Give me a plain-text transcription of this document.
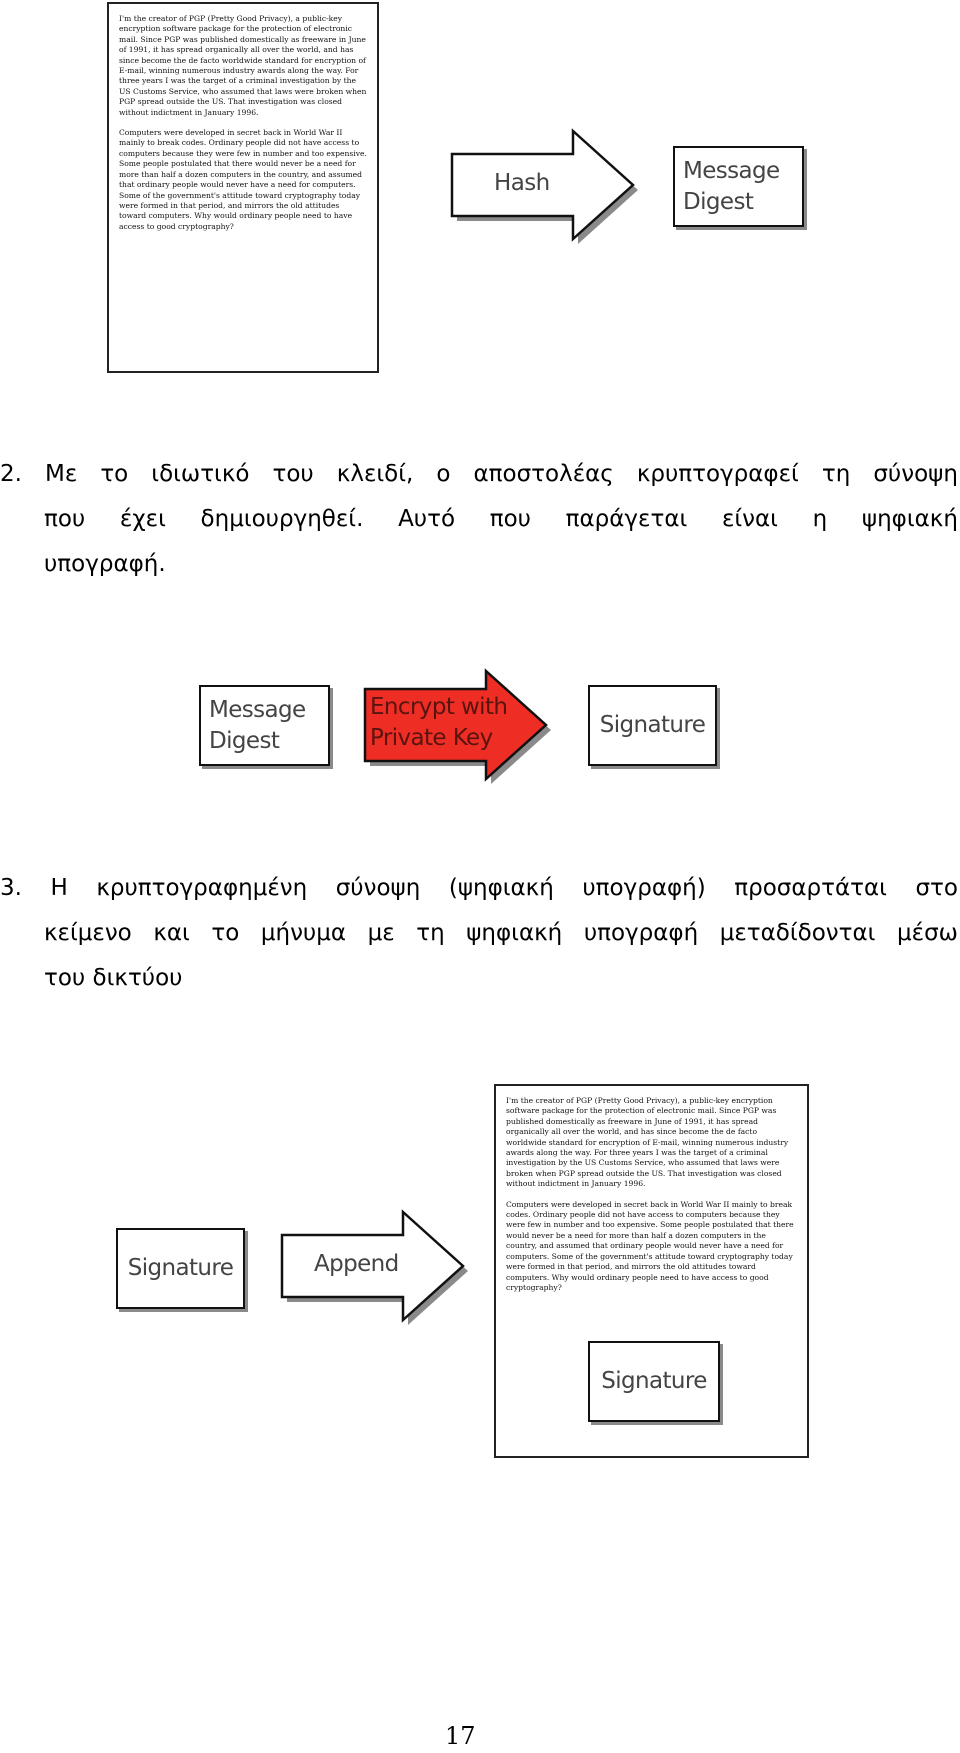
I'm the creator of PGP (Pretty Good Privacy), a public-key encryption software package for the protection of electronic mail. Since PGP was published domestically as freeware in June of 1991, it has spread organically all over the world, and has since become the de facto worldwide standard for encryption of E-mail, winning numerous industry awards along the way. For three years I was the target of a criminal investigation by the US Customs Service, who assumed that laws were broken when PGP spread outside the US. That investigation was closed without indictment in January 1996.

Computers were developed in secret back in World War II mainly to break codes. Ordinary people did not have access to computers because they were few in number and too expensive. Some people postulated that there would never be a need for more than half a dozen computers in the country, and assumed that ordinary people would never have a need for computers. Some of the government's attitude toward cryptography today were formed in that period, and mirrors the old attitudes toward computers. Why would ordinary people need to have access to good cryptography?

Hash	Message
Digest
2. Με το ιδιωτικό του κλειδί, ο αποστολέας κρυπτογραφεί τη σύνοψη
που έχει δημιουργηθεί. Αυτό που παράγεται είναι η ψηφιακή
υπογραφή.
Message
Digest
Encrypt with
Private Key	Signature
3. Η κρυπτογραφημένη σύνοψη (ψηφιακή υπογραφή) προσαρτάται στο
κείμενο και το μήνυμα με τη ψηφιακή υπογραφή μεταδίδονται μέσω
του δικτύου
Signature	Append

I'm the creator of PGP (Pretty Good Privacy), a public-key encryption software package for the protection of electronic mail. Since PGP was published domestically as freeware in June of 1991, it has spread organically all over the world, and has since become the de facto worldwide standard for encryption of E-mail, winning numerous industry awards along the way. For three years I was the target of a criminal investigation by the US Customs Service, who assumed that laws were broken when PGP spread outside the US. That investigation was closed without indictment in January 1996.

Computers were developed in secret back in World War II mainly to break codes. Ordinary people did not have access to computers because they were few in number and too expensive. Some people postulated that there would never be a need for more than half a dozen computers in the country, and assumed that ordinary people would never have a need for computers. Some of the government's attitude toward cryptography today were formed in that period, and mirrors the old attitudes toward computers. Why would ordinary people need to have access to good cryptography?

Signature
17
